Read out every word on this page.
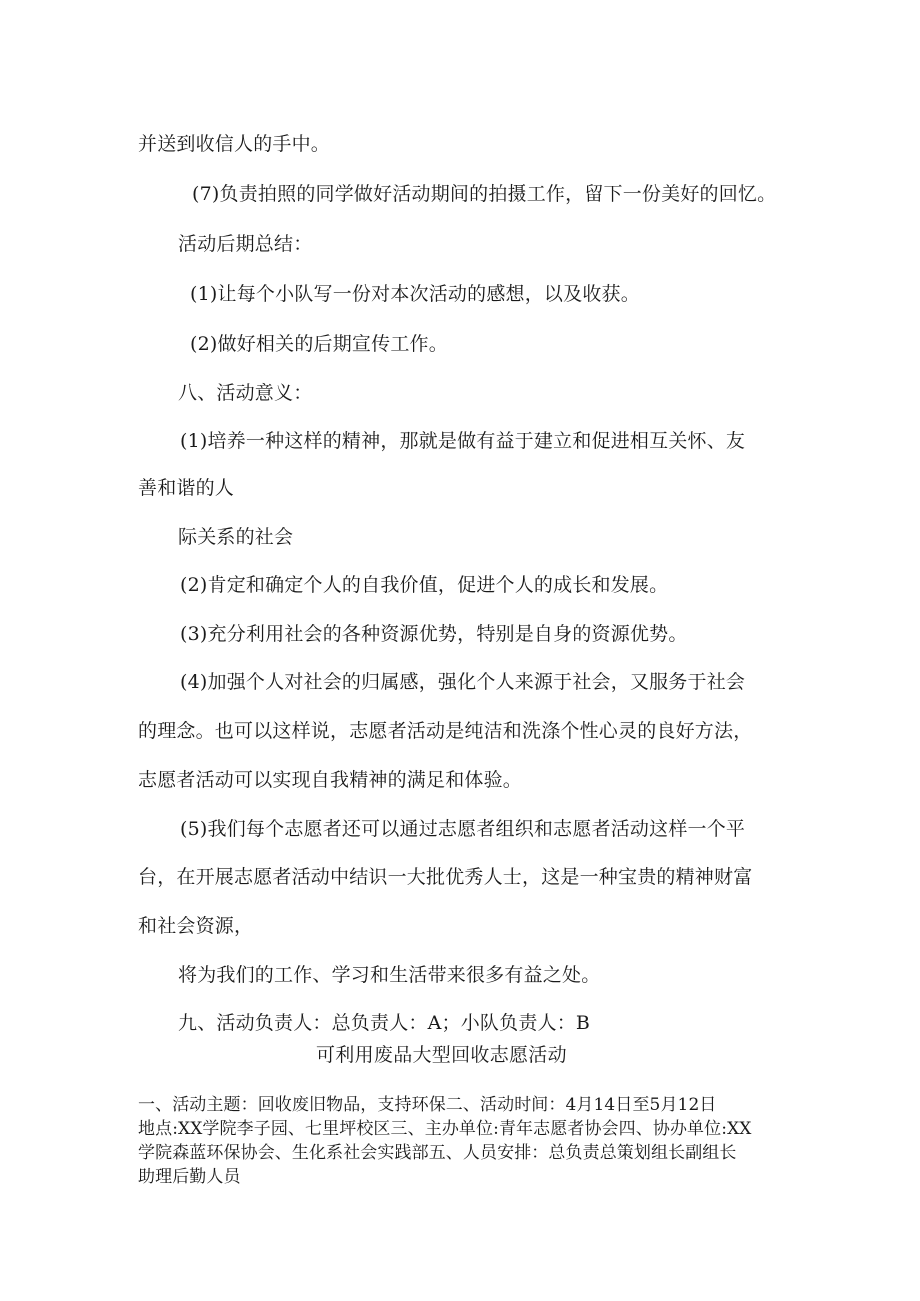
并送到收信人的手中。
(7)负责拍照的同学做好活动期间的拍摄工作，留下一份美好的回忆。
活动后期总结：
(1)让每个小队写一份对本次活动的感想，以及收获。
(2)做好相关的后期宣传工作。
八、活动意义：
(1)培养一种这样的精神，那就是做有益于建立和促进相互关怀、友
善和谐的人
际关系的社会
(2)肯定和确定个人的自我价值，促进个人的成长和发展。
(3)充分利用社会的各种资源优势，特别是自身的资源优势。
(4)加强个人对社会的归属感，强化个人来源于社会，又服务于社会
的理念。也可以这样说，志愿者活动是纯洁和洗涤个性心灵的良好方法，
志愿者活动可以实现自我精神的满足和体验。
(5)我们每个志愿者还可以通过志愿者组织和志愿者活动这样一个平
台，在开展志愿者活动中结识一大批优秀人士，这是一种宝贵的精神财富
和社会资源，
将为我们的工作、学习和生活带来很多有益之处。
九、活动负责人：总负责人：A；小队负责人：B
可利用废品大型回收志愿活动
一、活动主题：回收废旧物品，支持环保二、活动时间：4月14日至5月12日
地点:XX学院李子园、七里坪校区三、主办单位:青年志愿者协会四、协办单位:XX
学院森蓝环保协会、生化系社会实践部五、人员安排：总负责总策划组长副组长
助理后勤人员
